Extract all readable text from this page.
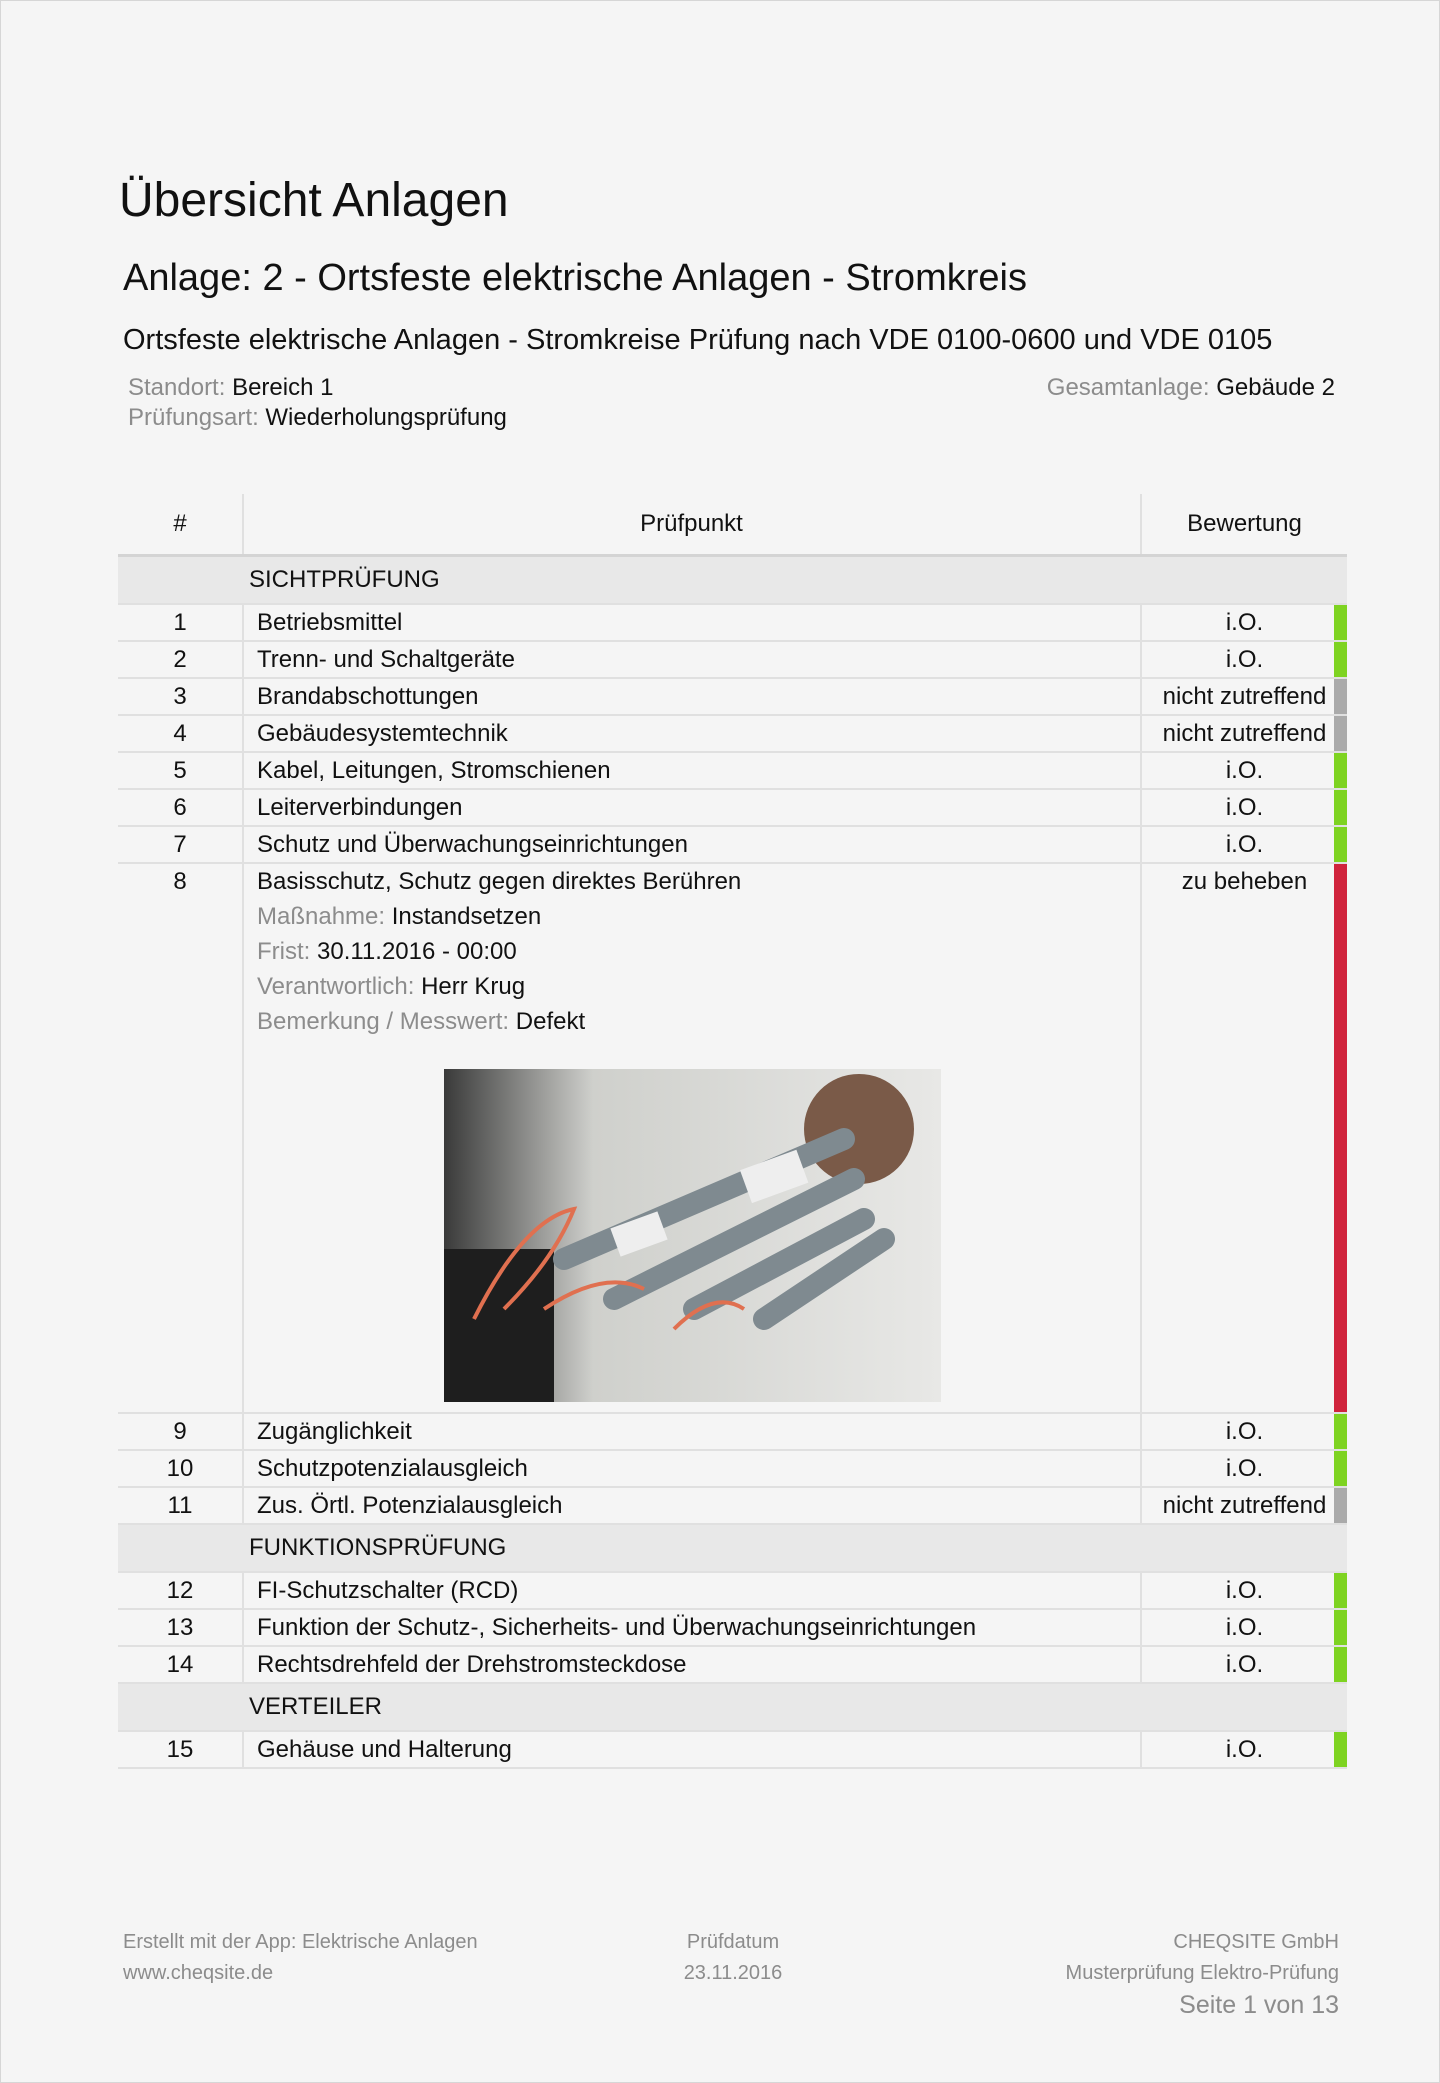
Übersicht Anlagen
Anlage: 2 - Ortsfeste elektrische Anlagen - Stromkreis
Ortsfeste elektrische Anlagen - Stromkreise Prüfung nach VDE 0100-0600 und VDE 0105
Standort: Bereich 1
Prüfungsart: Wiederholungsprüfung
Gesamtanlage: Gebäude 2
#	Prüfpunkt	Bewertung
	SICHTPRÜFUNG	
1	Betriebsmittel	i.O.

2	Trenn- und Schaltgeräte	i.O.

3	Brandabschottungen	nicht zutreffend

4	Gebäudesystemtechnik	nicht zutreffend

5	Kabel, Leitungen, Stromschienen	i.O.

6	Leiterverbindungen	i.O.

7	Schutz und Überwachungseinrichtungen	i.O.

8	Basisschutz, Schutz gegen direktes Berühren
Maßnahme: Instandsetzen
Frist: 30.11.2016 - 00:00
Verantwortlich: Herr Krug
Bemerkung / Messwert: Defekt	zu beheben

9	Zugänglichkeit	i.O.

10	Schutzpotenzialausgleich	i.O.

11	Zus. Örtl. Potenzialausgleich	nicht zutreffend

	FUNKTIONSPRÜFUNG	
12	FI-Schutzschalter (RCD)	i.O.

13	Funktion der Schutz-, Sicherheits- und Überwachungseinrichtungen	i.O.

14	Rechtsdrehfeld der Drehstromsteckdose	i.O.

	VERTEILER	
15	Gehäuse und Halterung	i.O.
Erstellt mit der App: Elektrische Anlagen
www.cheqsite.de
Prüfdatum
23.11.2016
CHEQSITE GmbH
Musterprüfung Elektro-Prüfung
Seite 1 von 13
